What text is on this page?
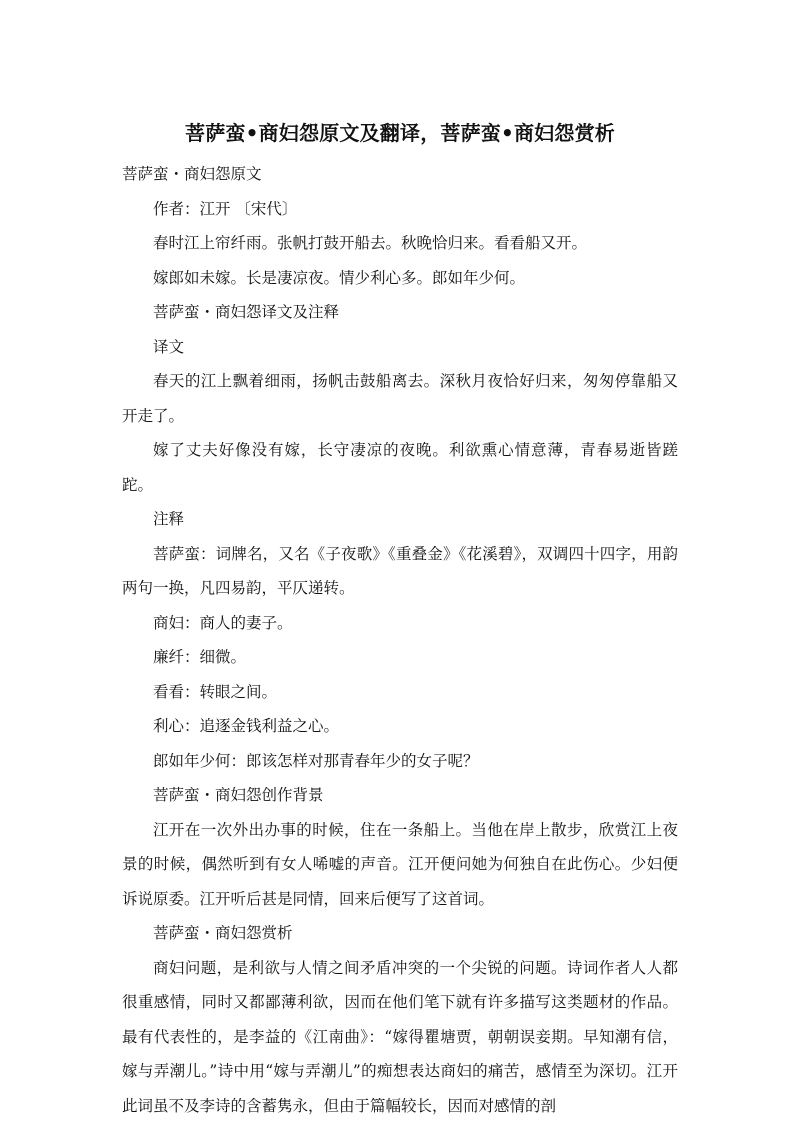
菩萨蛮•商妇怨原文及翻译，菩萨蛮•商妇怨赏析

菩萨蛮・商妇怨原文

作者：江开 〔宋代〕

春时江上帘纤雨。张帆打鼓开船去。秋晚恰归来。看看船又开。

嫁郎如未嫁。长是凄凉夜。情少利心多。郎如年少何。

菩萨蛮・商妇怨译文及注释

译文

春天的江上飘着细雨，扬帆击鼓船离去。深秋月夜恰好归来，匆匆停靠船又开走了。

嫁了丈夫好像没有嫁，长守凄凉的夜晚。利欲熏心情意薄，青春易逝皆蹉跎。

注释

菩萨蛮：词牌名，又名《子夜歌》《重叠金》《花溪碧》，双调四十四字，用韵两句一换，凡四易韵，平仄递转。

商妇：商人的妻子。

廉纤：细微。

看看：转眼之间。

利心：追逐金钱利益之心。

郎如年少何：郎该怎样对那青春年少的女子呢？

菩萨蛮・商妇怨创作背景

江开在一次外出办事的时候，住在一条船上。当他在岸上散步，欣赏江上夜景的时候，偶然听到有女人唏嘘的声音。江开便问她为何独自在此伤心。少妇便诉说原委。江开听后甚是同情，回来后便写了这首词。

菩萨蛮・商妇怨赏析

商妇问题，是利欲与人情之间矛盾冲突的一个尖锐的问题。诗词作者人人都很重感情，同时又都鄙薄利欲，因而在他们笔下就有许多描写这类题材的作品。最有代表性的，是李益的《江南曲》：“嫁得瞿塘贾，朝朝误妾期。早知潮有信，嫁与弄潮儿。”诗中用“嫁与弄潮儿”的痴想表达商妇的痛苦，感情至为深切。江开此词虽不及李诗的含蓄隽永，但由于篇幅较长，因而对感情的剖
